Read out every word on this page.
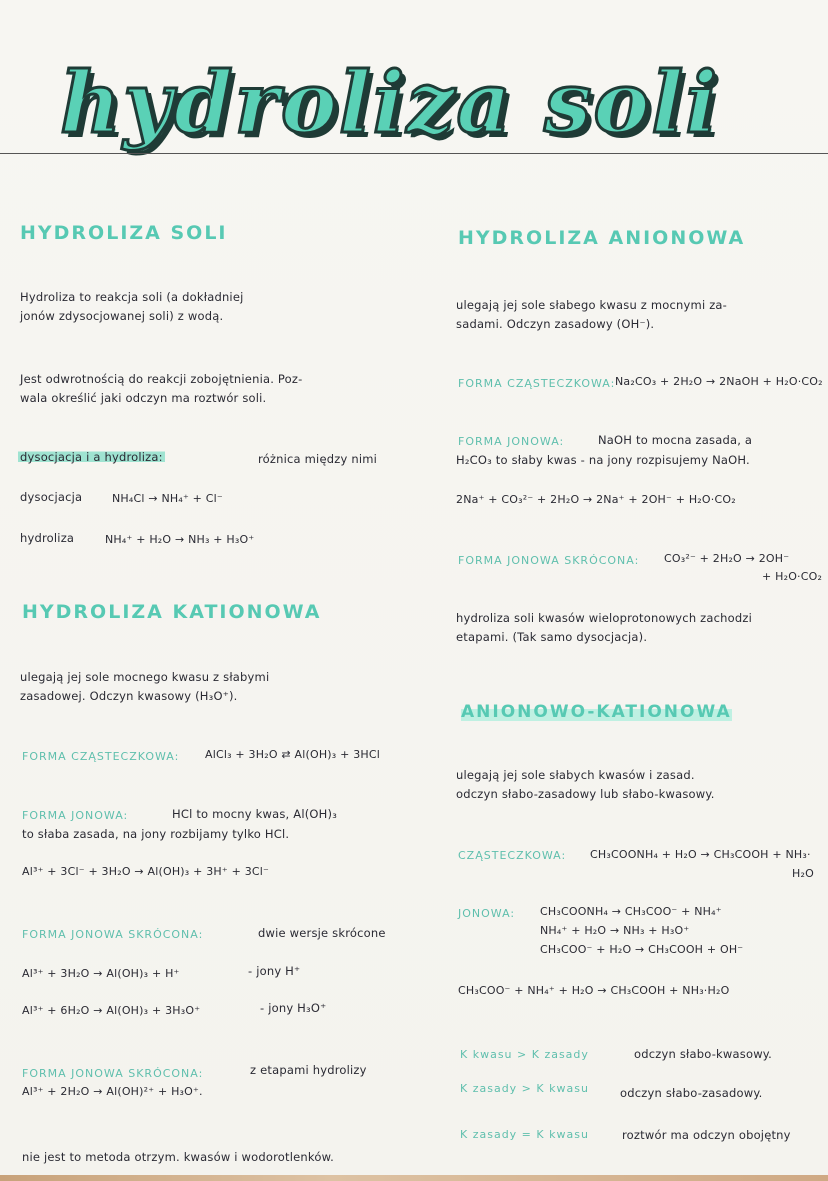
hydroliza soli
HYDROLIZA SOLI
Hydroliza to reakcja soli (a dokładniej
jonów zdysocjowanej soli) z wodą.
Jest odwrotnością do reakcji zobojętnienia. Poz-
wala określić jaki odczyn ma roztwór soli.
dysocjacja i a hydroliza:	różnica między nimi
dysocjacja	NH₄Cl → NH₄⁺ + Cl⁻
hydroliza	NH₄⁺ + H₂O → NH₃ + H₃O⁺
HYDROLIZA KATIONOWA
ulegają jej sole mocnego kwasu z słabymi
zasadowej. Odczyn kwasowy (H₃O⁺).
FORMA CZĄSTECZKOWA: AlCl₃ + 3H₂O ⇄ Al(OH)₃ + 3HCl
FORMA JONOWA:	HCl to mocny kwas, Al(OH)₃
to słaba zasada, na jony rozbijamy tylko HCl.
Al³⁺ + 3Cl⁻ + 3H₂O → Al(OH)₃ + 3H⁺ + 3Cl⁻
FORMA JONOWA SKRÓCONA:	dwie wersje skrócone
Al³⁺ + 3H₂O → Al(OH)₃ + H⁺	- jony H⁺
Al³⁺ + 6H₂O → Al(OH)₃ + 3H₃O⁺	- jony H₃O⁺
FORMA JONOWA SKRÓCONA:	z etapami hydrolizy
Al³⁺ + 2H₂O → Al(OH)²⁺ + H₃O⁺.
nie jest to metoda otrzym. kwasów i wodorotlenków.
HYDROLIZA ANIONOWA
ulegają jej sole słabego kwasu z mocnymi za-
sadami. Odczyn zasadowy (OH⁻).
FORMA CZĄSTECZKOWA: Na₂CO₃ + 2H₂O → 2NaOH + H₂O·CO₂
FORMA JONOWA:	NaOH to mocna zasada, a
H₂CO₃ to słaby kwas - na jony rozpisujemy NaOH.
2Na⁺ + CO₃²⁻ + 2H₂O → 2Na⁺ + 2OH⁻ + H₂O·CO₂
FORMA JONOWA SKRÓCONA: CO₃²⁻ + 2H₂O → 2OH⁻
+ H₂O·CO₂
hydroliza soli kwasów wieloprotonowych zachodzi
etapami. (Tak samo dysocjacja).
ANIONOWO-KATIONOWA
ulegają jej sole słabych kwasów i zasad.
odczyn słabo-zasadowy lub słabo-kwasowy.
CZĄSTECZKOWA: CH₃COONH₄ + H₂O → CH₃COOH + NH₃·
H₂O
JONOWA: CH₃COONH₄ → CH₃COO⁻ + NH₄⁺
NH₄⁺ + H₂O → NH₃ + H₃O⁺
CH₃COO⁻ + H₂O → CH₃COOH + OH⁻
CH₃COO⁻ + NH₄⁺ + H₂O → CH₃COOH + NH₃·H₂O
K kwasu > K zasady	odczyn słabo-kwasowy.
K zasady > K kwasu	odczyn słabo-zasadowy.
K zasady = K kwasu	roztwór ma odczyn obojętny
